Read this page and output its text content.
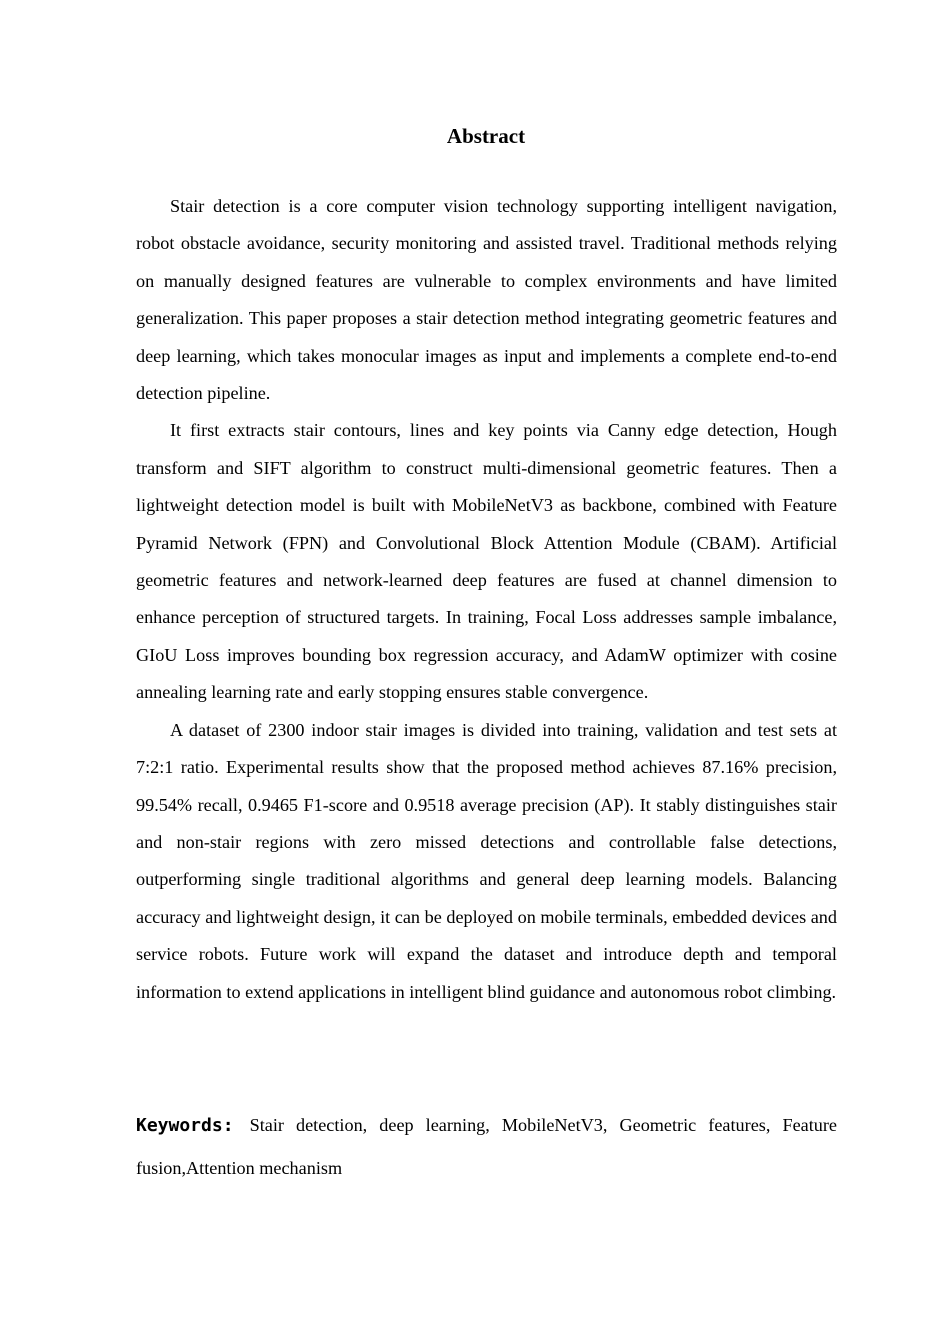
Abstract

Stair detection is a core computer vision technology supporting intelligent navigation, robot obstacle avoidance, security monitoring and assisted travel. Traditional methods relying on manually designed features are vulnerable to complex environments and have limited generalization. This paper proposes a stair detection method integrating geometric features and deep learning, which takes monocular images as input and implements a complete end-to-end detection pipeline.

It first extracts stair contours, lines and key points via Canny edge detection, Hough transform and SIFT algorithm to construct multi-dimensional geometric features. Then a lightweight detection model is built with MobileNetV3 as backbone, combined with Feature Pyramid Network (FPN) and Convolutional Block Attention Module (CBAM). Artificial geometric features and network-learned deep features are fused at channel dimension to enhance perception of structured targets. In training, Focal Loss addresses sample imbalance, GIoU Loss improves bounding box regression accuracy, and AdamW optimizer with cosine annealing learning rate and early stopping ensures stable convergence.

A dataset of 2300 indoor stair images is divided into training, validation and test sets at 7:2:1 ratio. Experimental results show that the proposed method achieves 87.16% precision, 99.54% recall, 0.9465 F1-score and 0.9518 average precision (AP). It stably distinguishes stair and non-stair regions with zero missed detections and controllable false detections, outperforming single traditional algorithms and general deep learning models. Balancing accuracy and lightweight design, it can be deployed on mobile terminals, embedded devices and service robots. Future work will expand the dataset and introduce depth and temporal information to extend applications in intelligent blind guidance and autonomous robot climbing.

Keywords: Stair detection, deep learning, MobileNetV3, Geometric features, Feature fusion,Attention mechanism
